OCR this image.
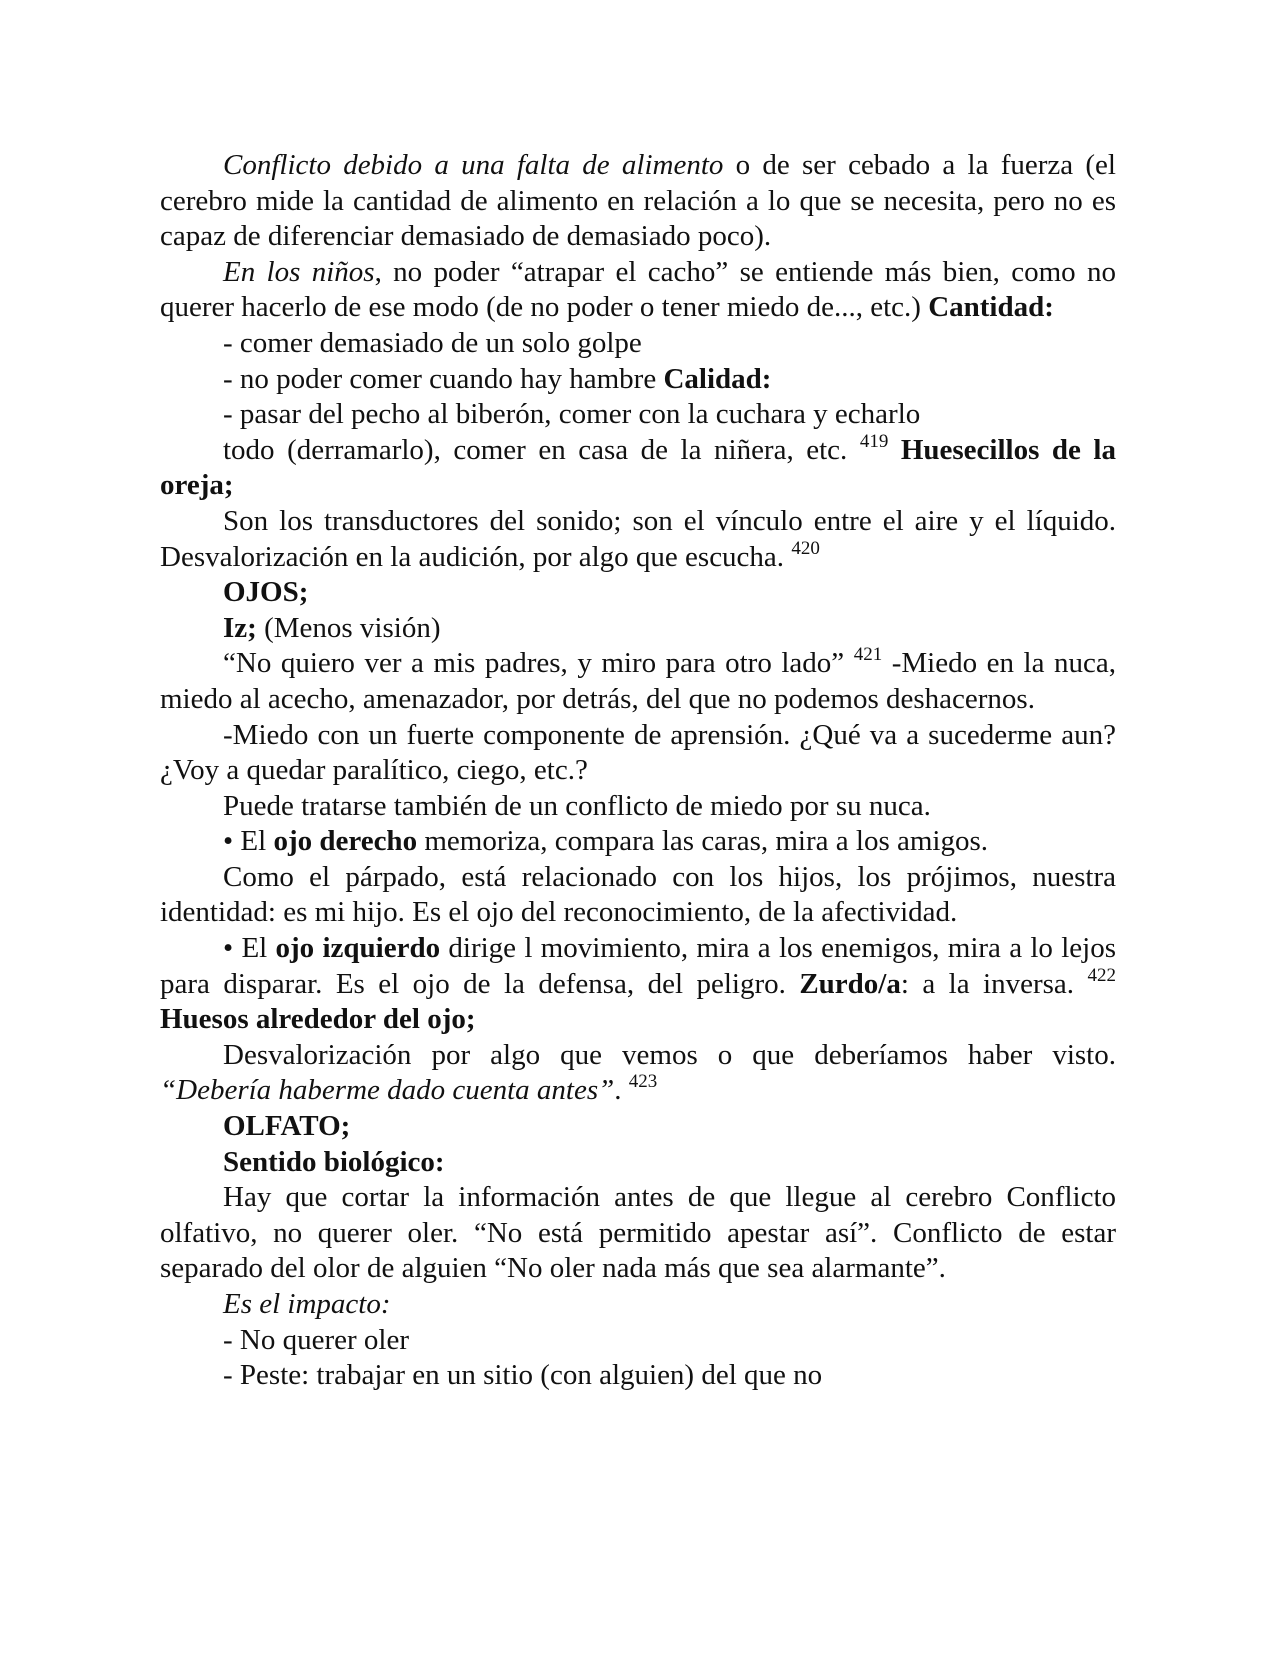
Conflicto debido a una falta de alimento o de ser cebado a la fuerza (el cerebro mide la cantidad de alimento en relación a lo que se necesita, pero no es capaz de diferenciar demasiado de demasiado poco).

En los niños, no poder “atrapar el cacho” se entiende más bien, como no querer hacerlo de ese modo (de no poder o tener miedo de..., etc.) Cantidad:

- comer demasiado de un solo golpe

- no poder comer cuando hay hambre Calidad:

- pasar del pecho al biberón, comer con la cuchara y echarlo

todo (derramarlo), comer en casa de la niñera, etc. $^{419}$ Huesecillos de la oreja;

Son los transductores del sonido; son el vínculo entre el aire y el líquido. Desvalorización en la audición, por algo que escucha. $^{420}$

OJOS;

Iz; (Menos visión)

“No quiero ver a mis padres, y miro para otro lado” $^{421}$ -Miedo en la nuca, miedo al acecho, amenazador, por detrás, del que no podemos deshacernos.

-Miedo con un fuerte componente de aprensión. ¿Qué va a sucederme aun? ¿Voy a quedar paralítico, ciego, etc.?

Puede tratarse también de un conflicto de miedo por su nuca.

• El ojo derecho memoriza, compara las caras, mira a los amigos.

Como el párpado, está relacionado con los hijos, los prójimos, nuestra identidad: es mi hijo. Es el ojo del reconocimiento, de la afectividad.

• El ojo izquierdo dirige l movimiento, mira a los enemigos, mira a lo lejos para disparar. Es el ojo de la defensa, del peligro. Zurdo/a: a la inversa. $^{422}$ Huesos alrededor del ojo;

Desvalorización por algo que vemos o que deberíamos haber visto. “Debería haberme dado cuenta antes”. $^{423}$

OLFATO;

Sentido biológico:

Hay que cortar la información antes de que llegue al cerebro Conflicto olfativo, no querer oler. “No está permitido apestar así”. Conflicto de estar separado del olor de alguien “No oler nada más que sea alarmante”.

Es el impacto:

- No querer oler

- Peste: trabajar en un sitio (con alguien) del que no
